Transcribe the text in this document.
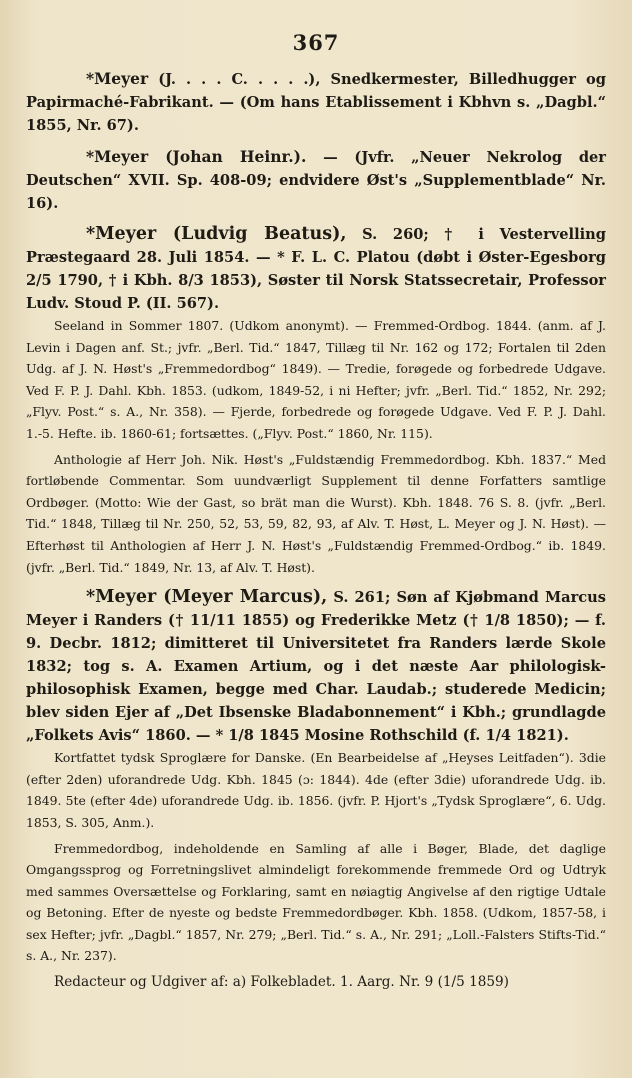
367
*Meyer (J. . . . C. . . . .), Snedkermester, Billedhugger og Papirmaché-Fabrikant. — (Om hans Etablissement i Kbhvn s. „Dagbl.“ 1855, Nr. 67).
*Meyer (Johan Heinr.). — (Jvfr. „Neuer Nekrolog der Deutschen“ XVII. Sp. 408-09; endvidere Øst's „Supplementblade“ Nr. 16).
*Meyer (Ludvig Beatus), S. 260; † i Vestervelling Præstegaard 28. Juli 1854. — * F. L. C. Platou (døbt i Øster-Egesborg 2/5 1790, † i Kbh. 8/3 1853), Søster til Norsk Statssecretair, Professor Ludv. Stoud P. (II. 567).

Seeland in Sommer 1807. (Udkom anonymt). — Fremmed-Ordbog. 1844. (anm. af J. Levin i Dagen anf. St.; jvfr. „Berl. Tid.“ 1847, Tillæg til Nr. 162 og 172; Fortalen til 2den Udg. af J. N. Høst's „Fremmedordbog“ 1849). — Tredie, forøgede og forbedrede Udgave. Ved F. P. J. Dahl. Kbh. 1853. (udkom, 1849-52, i ni Hefter; jvfr. „Berl. Tid.“ 1852, Nr. 292; „Flyv. Post.“ s. A., Nr. 358). — Fjerde, forbedrede og forøgede Udgave. Ved F. P. J. Dahl. 1.-5. Hefte. ib. 1860-61; fortsættes. („Flyv. Post.“ 1860, Nr. 115).

Anthologie af Herr Joh. Nik. Høst's „Fuldstændig Fremmedordbog. Kbh. 1837.“ Med fortløbende Commentar. Som uundværligt Supplement til denne Forfatters samtlige Ordbøger. (Motto: Wie der Gast, so brät man die Wurst). Kbh. 1848. 76 S. 8. (jvfr. „Berl. Tid.“ 1848, Tillæg til Nr. 250, 52, 53, 59, 82, 93, af Alv. T. Høst, L. Meyer og J. N. Høst). — Efterhøst til Anthologien af Herr J. N. Høst's „Fuldstændig Fremmed-Ordbog.“ ib. 1849. (jvfr. „Berl. Tid.“ 1849, Nr. 13, af Alv. T. Høst).

*Meyer (Meyer Marcus), S. 261; Søn af Kjøbmand Marcus Meyer i Randers († 11/11 1855) og Frederikke Metz († 1/8 1850); — f. 9. Decbr. 1812; dimitteret til Universitetet fra Randers lærde Skole 1832; tog s. A. Examen Artium, og i det næste Aar philologisk-philosophisk Examen, begge med Char. Laudab.; studerede Medicin; blev siden Ejer af „Det Ibsenske Bladabonnement“ i Kbh.; grundlagde „Folkets Avis“ 1860. — * 1/8 1845 Mosine Rothschild (f. 1/4 1821).

Kortfattet tydsk Sproglære for Danske. (En Bearbeidelse af „Heyses Leitfaden“). 3die (efter 2den) uforandrede Udg. Kbh. 1845 (ɔ: 1844). 4de (efter 3die) uforandrede Udg. ib. 1849. 5te (efter 4de) uforandrede Udg. ib. 1856. (jvfr. P. Hjort's „Tydsk Sproglære“, 6. Udg. 1853, S. 305, Anm.).

Fremmedordbog, indeholdende en Samling af alle i Bøger, Blade, det daglige Omgangssprog og Forretningslivet almindeligt forekommende fremmede Ord og Udtryk med sammes Oversættelse og Forklaring, samt en nøiagtig Angivelse af den rigtige Udtale og Betoning. Efter de nyeste og bedste Fremmedordbøger. Kbh. 1858. (Udkom, 1857-58, i sex Hefter; jvfr. „Dagbl.“ 1857, Nr. 279; „Berl. Tid.“ s. A., Nr. 291; „Loll.-Falsters Stifts-Tid.“ s. A., Nr. 237).

Redacteur og Udgiver af: a) Folkebladet. 1. Aarg. Nr. 9 (1/5 1859)
